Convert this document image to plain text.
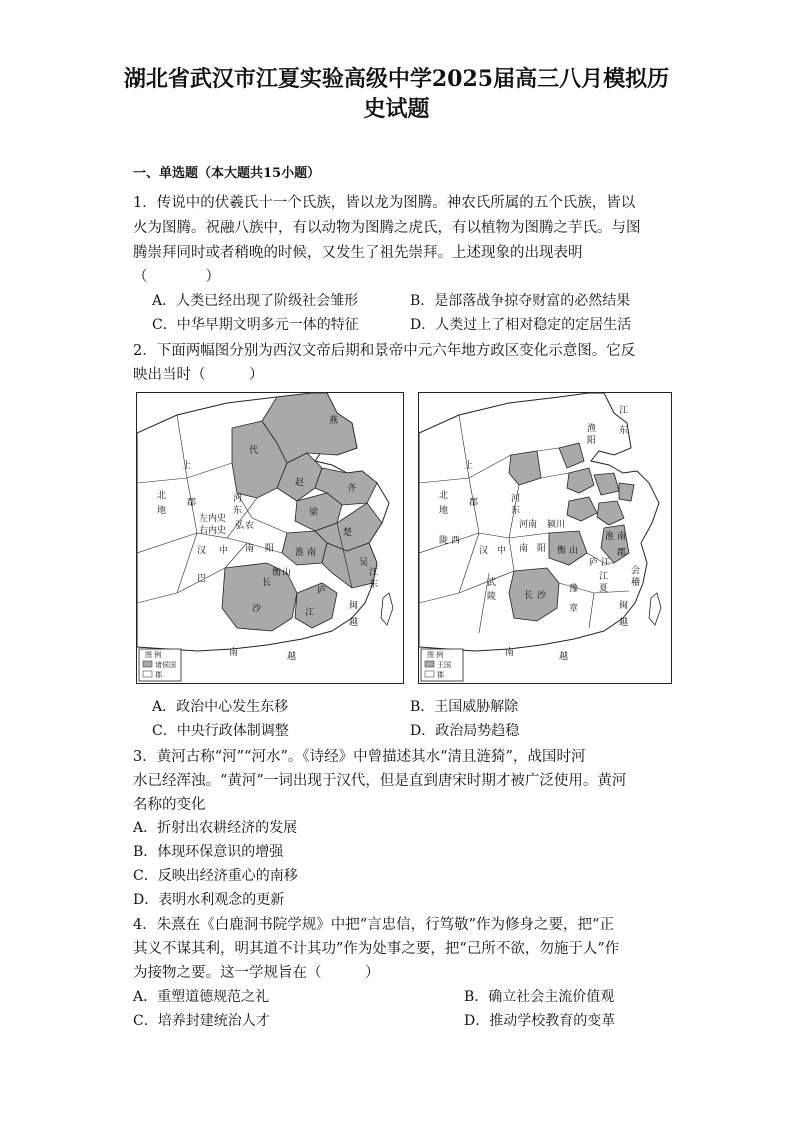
湖北省武汉市江夏实验高级中学2025届高三八月模拟历
史试题
一、单选题（本大题共15小题）
1．传说中的伏羲氏十一个氏族，皆以龙为图腾。神农氏所属的五个氏族，皆以
火为图腾。祝融八族中，有以动物为图腾之虎氏，有以植物为图腾之芋氏。与图
腾崇拜同时或者稍晚的时候，又发生了祖先崇拜。上述现象的出现表明
（　　　　）
A．人类已经出现了阶级社会雏形	B．是部落战争掠夺财富的必然结果
C．中华早期文明多元一体的特征	D．人类过上了相对稳定的定居生活
2．下面两幅图分别为西汉文帝后期和景帝中元六年地方政区变化示意图。它反
映出当时（　　　）
燕
代
赵
齐
上
北
地
郡	河
东
左内史
右内史 弘 农
汉 中 南 阳 淮 南
衡 山
巴	长
沙
吴
庐
江
闽
越
南	越
梁
楚
江
东
图 例
诸侯国
郡
江
东
渔
阳
上
北
地
郡
陇 西
河
东
河南 颍川
汉 中 南 阳 衡 山
长 沙
武
陵
豫
章
江
夏
庐 江
闽
越
南	越
淮 南
郡
会
稽
图 例
王国
郡
A．政治中心发生东移	B．王国威胁解除
C．中央行政体制调整	D．政治局势趋稳
3．黄河古称“河”“河水”。《诗经》中曾描述其水“清且涟猗”，战国时河
水已经浑浊。“黄河”一词出现于汉代，但是直到唐宋时期才被广泛使用。黄河
名称的变化
A．折射出农耕经济的发展
B．体现环保意识的增强
C．反映出经济重心的南移
D．表明水利观念的更新
4．朱熹在《白鹿洞书院学规》中把“言忠信，行笃敬”作为修身之要，把“正
其义不谋其利，明其道不计其功”作为处事之要，把“己所不欲，勿施于人”作
为接物之要。这一学规旨在（　　　）
A．重塑道德规范之礼	B．确立社会主流价值观
C．培养封建统治人才	D．推动学校教育的变革
